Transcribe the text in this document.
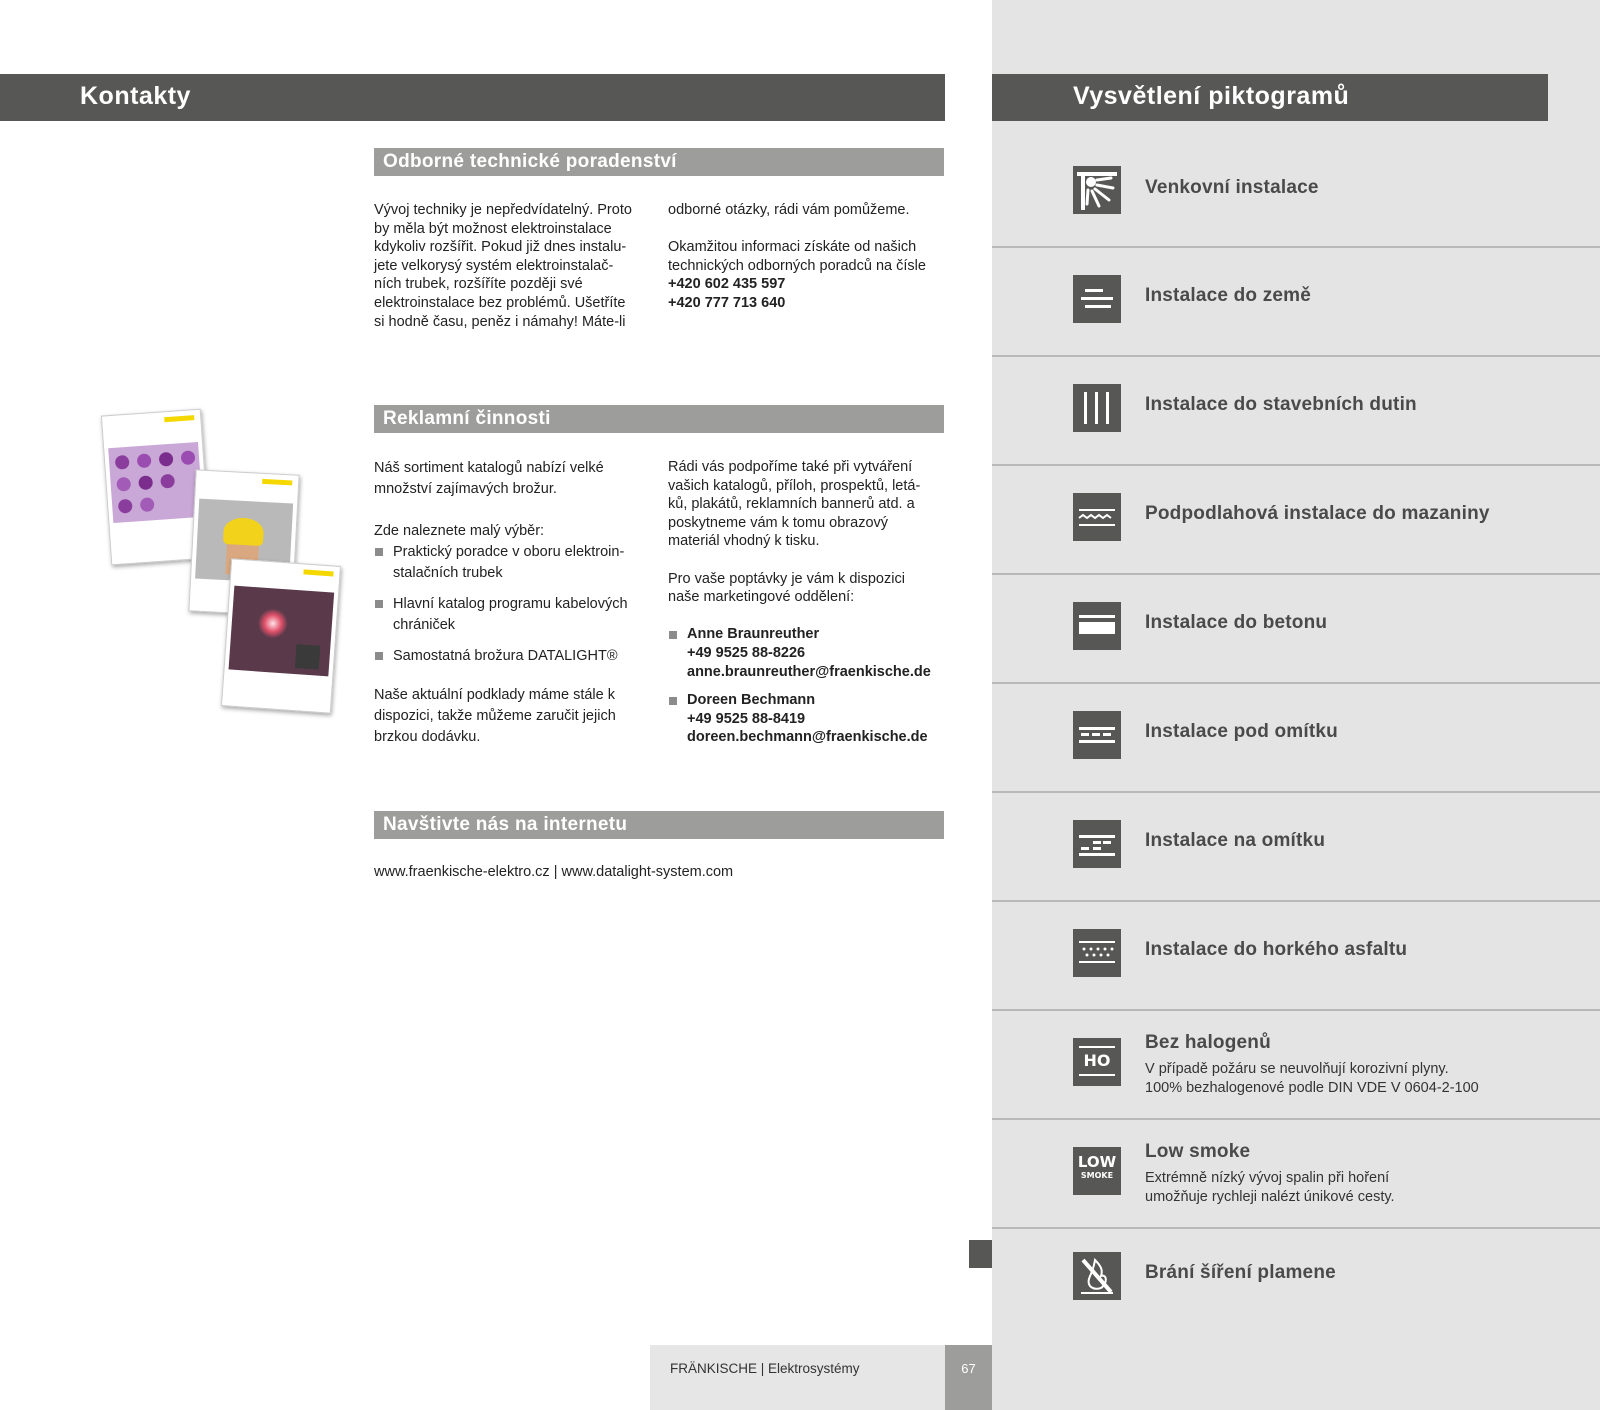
Kontakty
Odborné technické poradenství
Vývoj techniky je nepředvídatelný. Proto
by měla být možnost elektroinstalace
kdykoliv rozšířit. Pokud již dnes instalu-
jete velkorysý systém elektroinstalač-
ních trubek, rozšíříte později své
elektroinstalace bez problémů. Ušetříte
si hodně času, peněz i námahy! Máte-li
odborné otázky, rádi vám pomůžeme.
Okamžitou informaci získáte od našich
technických odborných poradců na čísle
+420 602 435 597
+420 777 713 640
Reklamní činnosti
Náš sortiment katalogů nabízí velké
množství zajímavých brožur.
Zde naleznete malý výběr:
Praktický poradce v oboru elektroin-
stalačních trubek
Hlavní katalog programu kabelových
chrániček
Samostatná brožura DATALIGHT®
Naše aktuální podklady máme stále k
dispozici, takže můžeme zaručit jejich
brzkou dodávku.
Rádi vás podpoříme také při vytváření
vašich katalogů, příloh, prospektů, letá-
ků, plakátů, reklamních bannerů atd. a
poskytneme vám k tomu obrazový
materiál vhodný k tisku.
Pro vaše poptávky je vám k dispozici
naše marketingové oddělení:
Anne Braunreuther
+49 9525 88-8226
anne.braunreuther@fraenkische.de
Doreen Bechmann
+49 9525 88-8419
doreen.bechmann@fraenkische.de
Navštivte nás na internetu
www.fraenkische-elektro.cz | www.datalight-system.com
FRÄNKISCHE | Elektrosystémy	67
Vysvětlení piktogramů
Venkovní instalace
Instalace do země
Instalace do stavebních dutin
Podpodlahová instalace do mazaniny
Instalace do betonu
Instalace pod omítku
Instalace na omítku
Instalace do horkého asfaltu
HO
Bez halogenů
V případě požáru se neuvolňují korozivní plyny.
100% bezhalogenové podle DIN VDE V 0604-2-100
LOW
SMOKE
Low smoke
Extrémně nízký vývoj spalin při hoření
umožňuje rychleji nalézt únikové cesty.
Brání šíření plamene
